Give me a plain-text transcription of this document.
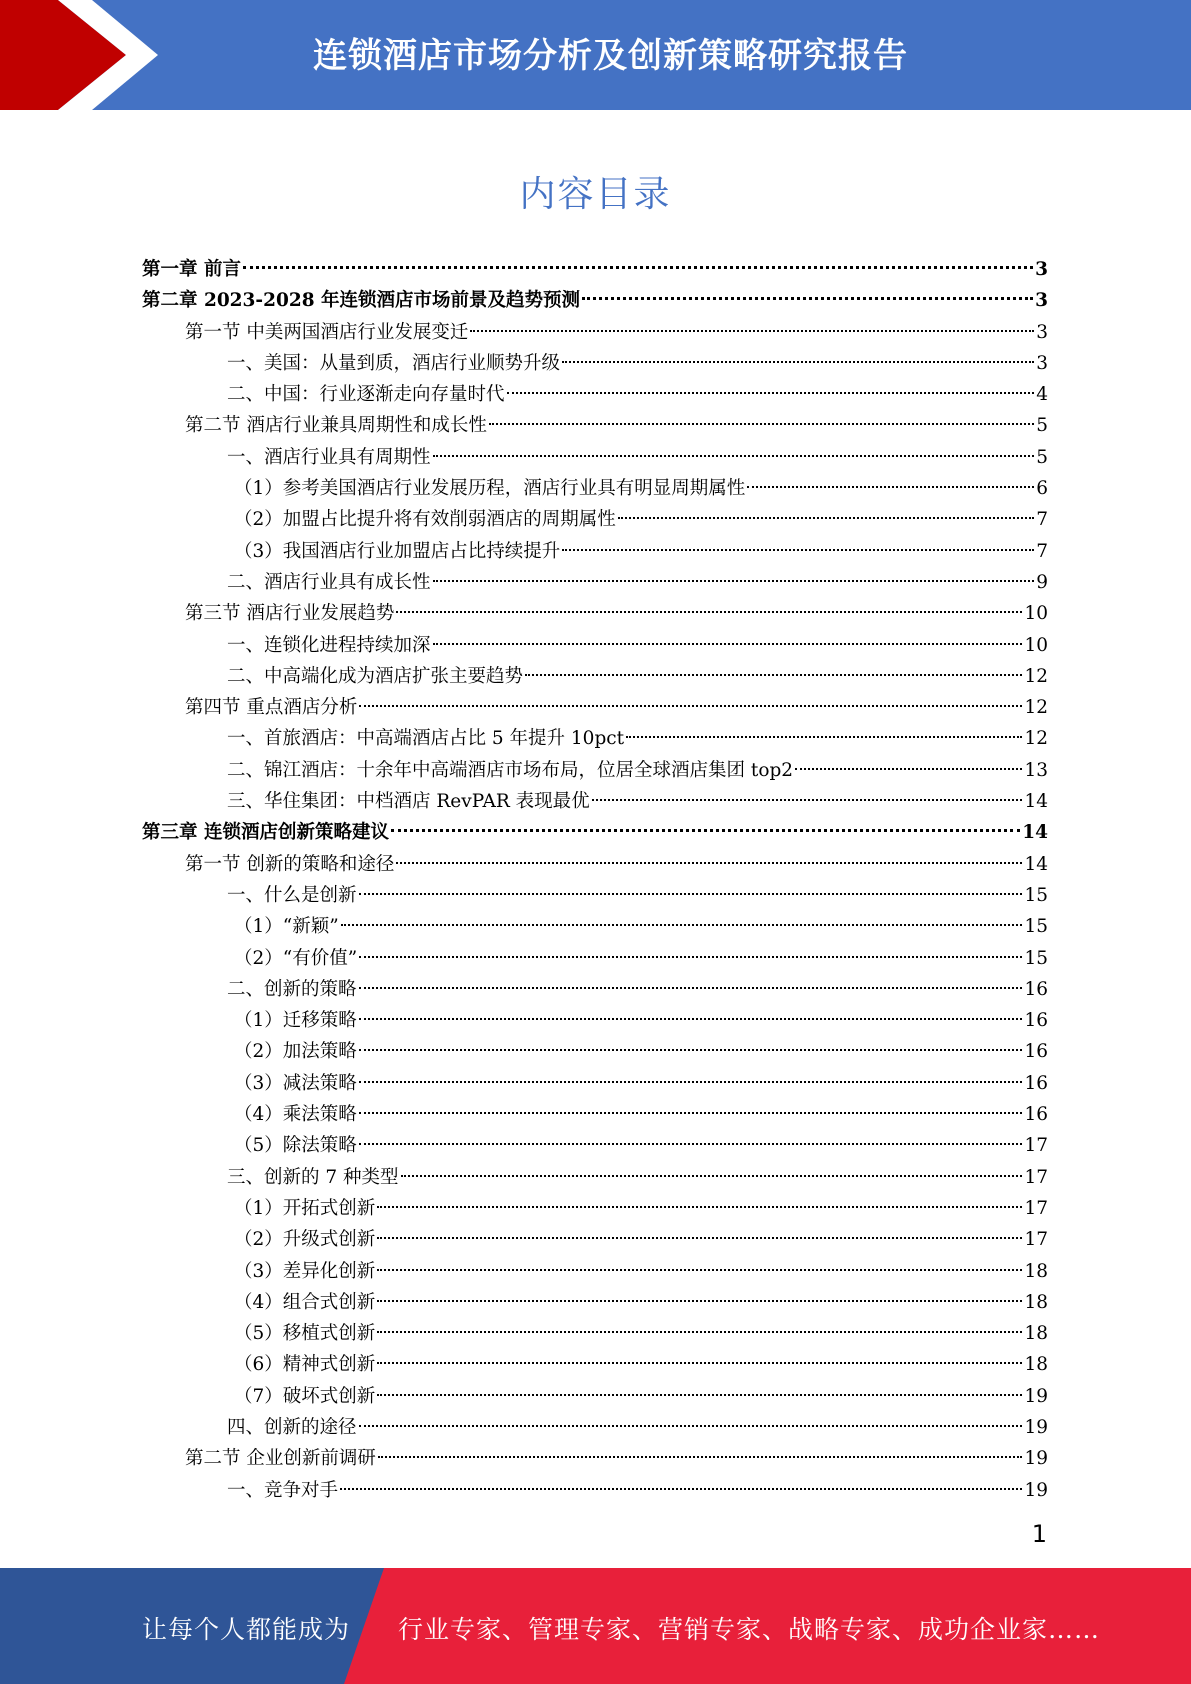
连锁酒店市场分析及创新策略研究报告
内容目录
第一章 前言	3
第二章 2023-2028 年连锁酒店市场前景及趋势预测	3
第一节 中美两国酒店行业发展变迁	3
一、美国：从量到质，酒店行业顺势升级	3
二、中国：行业逐渐走向存量时代	4
第二节 酒店行业兼具周期性和成长性	5
一、酒店行业具有周期性	5
（1）参考美国酒店行业发展历程，酒店行业具有明显周期属性	6
（2）加盟占比提升将有效削弱酒店的周期属性	7
（3）我国酒店行业加盟店占比持续提升	7
二、酒店行业具有成长性	9
第三节 酒店行业发展趋势	10
一、连锁化进程持续加深	10
二、中高端化成为酒店扩张主要趋势	12
第四节 重点酒店分析	12
一、首旅酒店：中高端酒店占比 5 年提升 10pct	12
二、锦江酒店：十余年中高端酒店市场布局，位居全球酒店集团 top2	13
三、华住集团：中档酒店 RevPAR 表现最优	14
第三章 连锁酒店创新策略建议	14
第一节 创新的策略和途径	14
一、什么是创新	15
（1）“新颖”	15
（2）“有价值”	15
二、创新的策略	16
（1）迁移策略	16
（2）加法策略	16
（3）减法策略	16
（4）乘法策略	16
（5）除法策略	17
三、创新的 7 种类型	17
（1）开拓式创新	17
（2）升级式创新	17
（3）差异化创新	18
（4）组合式创新	18
（5）移植式创新	18
（6）精神式创新	18
（7）破坏式创新	19
四、创新的途径	19
第二节 企业创新前调研	19
一、竞争对手	19
1
让每个人都能成为 行业专家、管理专家、营销专家、战略专家、成功企业家……
